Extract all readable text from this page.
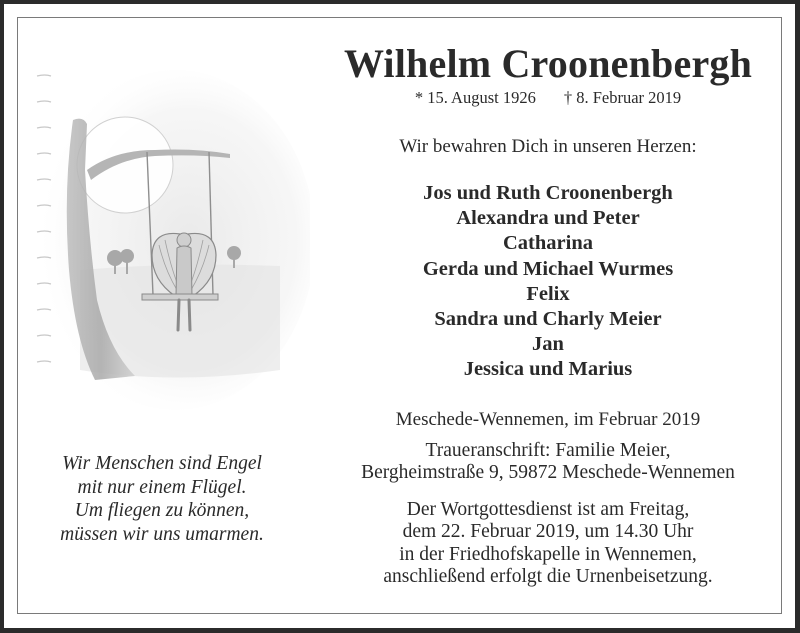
Wir Menschen sind Engel
mit nur einem Flügel.
Um fliegen zu können,
müssen wir uns umarmen.
Wilhelm Croonenbergh
* 15. August 1926 † 8. Februar 2019
Wir bewahren Dich in unseren Herzen:
Jos und Ruth Croonenbergh
Alexandra und Peter
Catharina
Gerda und Michael Wurmes
Felix
Sandra und Charly Meier
Jan
Jessica und Marius
Meschede-Wennemen, im Februar 2019
Traueranschrift: Familie Meier,
Bergheimstraße 9, 59872 Meschede-Wennemen
Der Wortgottesdienst ist am Freitag,
dem 22. Februar 2019, um 14.30 Uhr
in der Friedhofskapelle in Wennemen,
anschließend erfolgt die Urnenbeisetzung.
